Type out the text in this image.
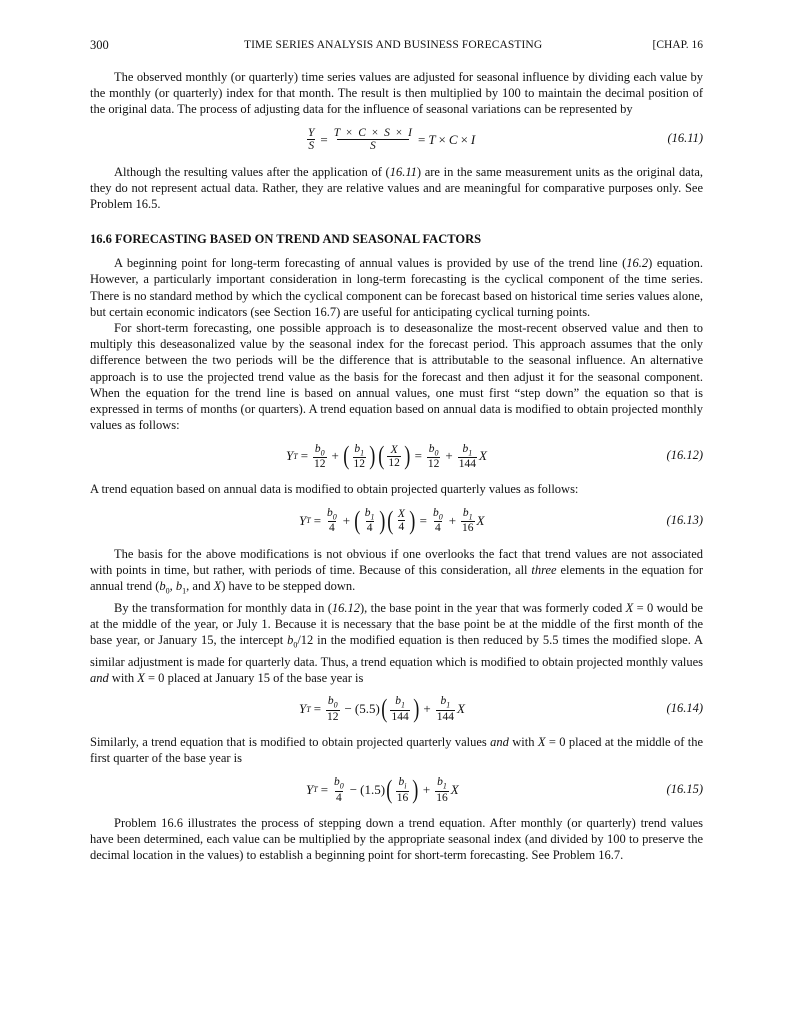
300	TIME SERIES ANALYSIS AND BUSINESS FORECASTING	[CHAP. 16

The observed monthly (or quarterly) time series values are adjusted for seasonal influence by dividing each value by the monthly (or quarterly) index for that month. The result is then multiplied by 100 to maintain the decimal position of the original data. The process of adjusting data for the influence of seasonal variations can be represented by

$\frac{Y}{S} = \frac{T \times C \times S \times I}{S} = T \times C \times I$	(16.11)

Although the resulting values after the application of (16.11) are in the same measurement units as the original data, they do not represent actual data. Rather, they are relative values and are meaningful for comparative purposes only. See Problem 16.5.

16.6 FORECASTING BASED ON TREND AND SEASONAL FACTORS

A beginning point for long-term forecasting of annual values is provided by use of the trend line (16.2) equation. However, a particularly important consideration in long-term forecasting is the cyclical component of the time series. There is no standard method by which the cyclical component can be forecast based on historical time series values alone, but certain economic indicators (see Section 16.7) are useful for anticipating cyclical turning points.

For short-term forecasting, one possible approach is to deseasonalize the most-recent observed value and then to multiply this deseasonalized value by the seasonal index for the forecast period. This approach assumes that the only difference between the two periods will be the difference that is attributable to the seasonal influence. An alternative approach is to use the projected trend value as the basis for the forecast and then adjust it for the seasonal component. When the equation for the trend line is based on annual values, one must first “step down” the equation so that is expressed in terms of months (or quarters). A trend equation based on annual data is modified to obtain projected monthly values as follows:

Y $T = \frac{b_0}{12}$ + ( $\frac{b_1}{12}$ ) ( $\frac{X}{12}$ ) = $\frac{b_0}{12} + \frac{b_1}{144}$ X	(16.12)

A trend equation based on annual data is modified to obtain projected quarterly values as follows:

Y $T = \frac{b_0}{4}$ + ( $\frac{b_1}{4}$ ) ( $\frac{X}{4}$ ) = $\frac{b_0}{4} + \frac{b_1}{16}$ X	(16.13)

The basis for the above modifications is not obvious if one overlooks the fact that trend values are not associated with points in time, but rather, with periods of time. Because of this consideration, all three elements in the equation for annual trend ($b_0$, $b_1$, and X) have to be stepped down.

By the transformation for monthly data in (16.12), the base point in the year that was formerly coded X = 0 would be at the middle of the year, or July 1. Because it is necessary that the base point be at the middle of the first month of the base year, or January 15, the intercept $b_0/12$ in the modified equation is then reduced by 5.5 times the modified slope. A similar adjustment is made for quarterly data. Thus, a trend equation which is modified to obtain projected monthly values and with X = 0 placed at January 15 of the base year is

Y $T = \frac{b_0}{12} - (5.5)$ ( $\frac{b_1}{144}$ ) + $\frac{b_1}{144}$ X	(16.14)

Similarly, a trend equation that is modified to obtain projected quarterly values and with X = 0 placed at the middle of the first quarter of the base year is

Y $T = \frac{b_0}{4} - (1.5)$ ( $\frac{b_i}{16}$ ) + $\frac{b_1}{16}$ X	(16.15)

Problem 16.6 illustrates the process of stepping down a trend equation. After monthly (or quarterly) trend values have been determined, each value can be multiplied by the appropriate seasonal index (and divided by 100 to preserve the decimal location in the values) to establish a beginning point for short-term forecasting. See Problem 16.7.
